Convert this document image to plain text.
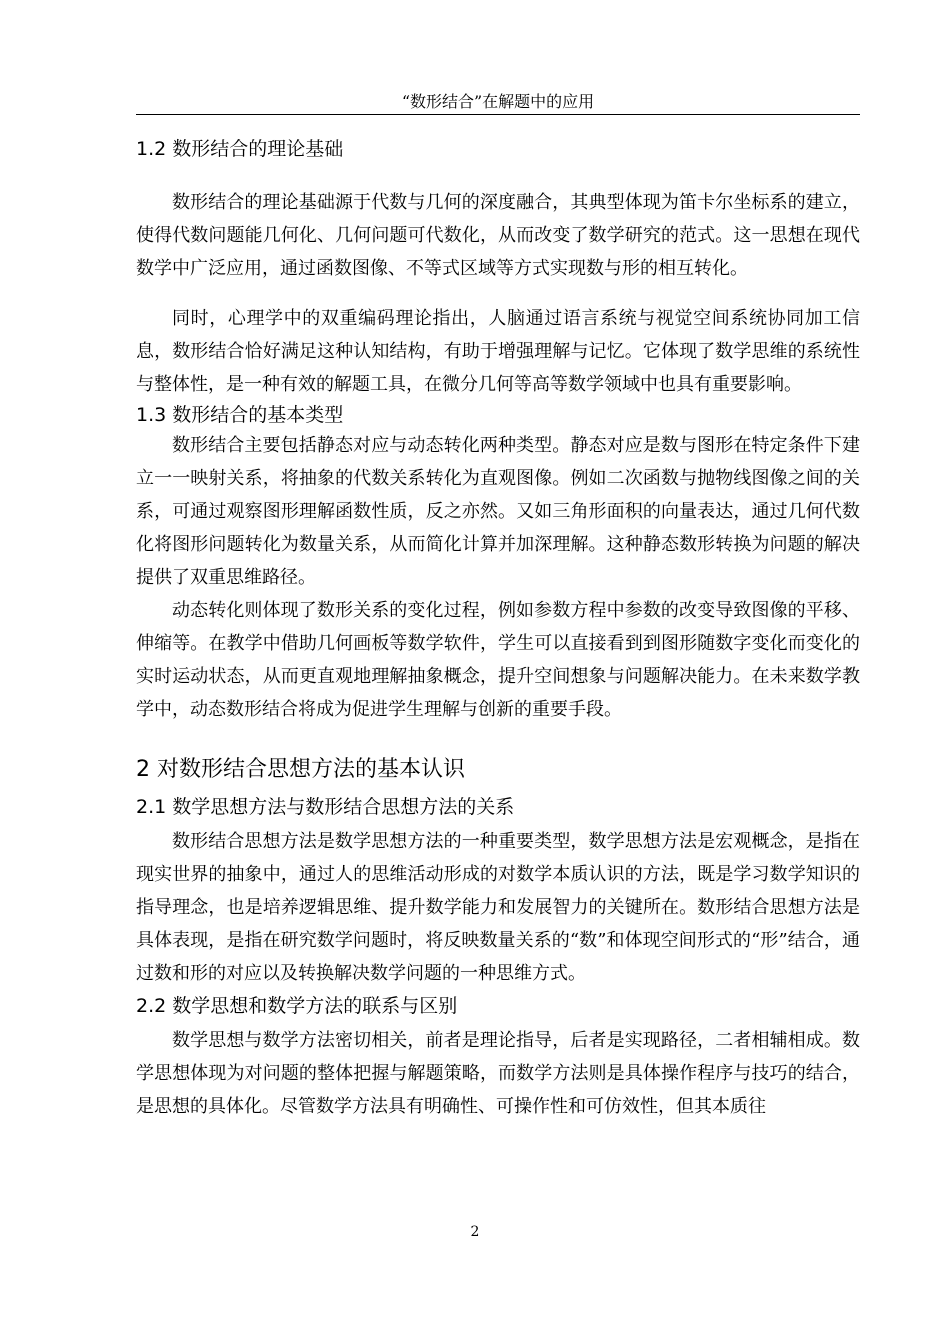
“数形结合”在解题中的应用
1.2 数形结合的理论基础

数形结合的理论基础源于代数与几何的深度融合，其典型体现为笛卡尔坐标系的建立，使得代数问题能几何化、几何问题可代数化，从而改变了数学研究的范式。这一思想在现代数学中广泛应用，通过函数图像、不等式区域等方式实现数与形的相互转化。

同时，心理学中的双重编码理论指出，人脑通过语言系统与视觉空间系统协同加工信息，数形结合恰好满足这种认知结构，有助于增强理解与记忆。它体现了数学思维的系统性与整体性，是一种有效的解题工具，在微分几何等高等数学领域中也具有重要影响。

1.3 数形结合的基本类型

数形结合主要包括静态对应与动态转化两种类型。静态对应是数与图形在特定条件下建立一一映射关系，将抽象的代数关系转化为直观图像。例如二次函数与抛物线图像之间的关系，可通过观察图形理解函数性质，反之亦然。又如三角形面积的向量表达，通过几何代数化将图形问题转化为数量关系，从而简化计算并加深理解。这种静态数形转换为问题的解决提供了双重思维路径。

动态转化则体现了数形关系的变化过程，例如参数方程中参数的改变导致图像的平移、伸缩等。在教学中借助几何画板等数学软件，学生可以直接看到到图形随数字变化而变化的实时运动状态，从而更直观地理解抽象概念，提升空间想象与问题解决能力。在未来数学教学中，动态数形结合将成为促进学生理解与创新的重要手段。

2 对数形结合思想方法的基本认识
2.1 数学思想方法与数形结合思想方法的关系

数形结合思想方法是数学思想方法的一种重要类型，数学思想方法是宏观概念，是指在现实世界的抽象中，通过人的思维活动形成的对数学本质认识的方法，既是学习数学知识的指导理念，也是培养逻辑思维、提升数学能力和发展智力的关键所在。数形结合思想方法是具体表现，是指在研究数学问题时，将反映数量关系的“数”和体现空间形式的“形”结合，通过数和形的对应以及转换解决数学问题的一种思维方式。

2.2 数学思想和数学方法的联系与区别

数学思想与数学方法密切相关，前者是理论指导，后者是实现路径，二者相辅相成。数学思想体现为对问题的整体把握与解题策略，而数学方法则是具体操作程序与技巧的结合，是思想的具体化。尽管数学方法具有明确性、可操作性和可仿效性，但其本质往

2
